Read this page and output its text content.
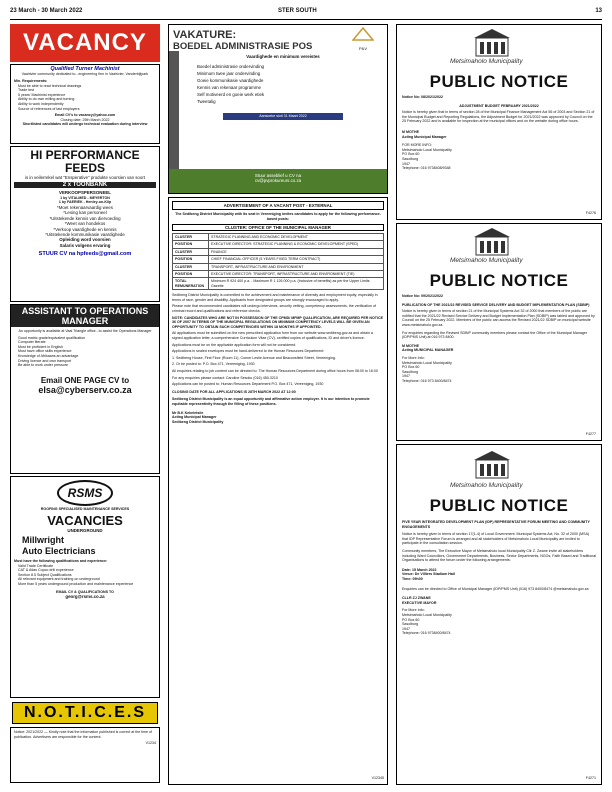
23 March - 30 March 2022	STER SOUTH	13
VACANCY
Qualified Turner Machinist
Vaalrivier community dedicated to...engineering firm in Vaalrivier, Vanderbijlpark
Min. Requirements:
Must be able to read technical drawings
Trade test
5 years' Machinist experience
Ability to do own milling and turning
Ability to work independently
Source of references of last employers
Email CV's to vacancy@yahoo.com
Closing date: 25th March 2022
Shortlisted candidates will undergo technical evaluation during interview
HI PERFORMANCE FEEDS
is in veilerrekel wat "Ensperative" produkte voorsien van soort
2 x TOONBANK
VERKOOPSPERSONEEL
1 by VITALMED - MEYERTON
1 by FAERIEK - Henley-on-Klip
*Moet rekenaarvaardig wees
*Lesing kan personeel
*Uitstekende kennis van diervoeding
*Weet van hondekos
*Verkoop vaardighede en kennis
*Uitstekende kommunikasie vaardighede
Opleiding word voorsien
Salaris volgens ervaring
STUUR CV na hpfeeds@gmail.com
ASSISTANT TO OPERATIONS MANAGER
An opportunity is available at Vaal Triangle office...to assist the Operations Manager
Good matric grade/equivalent qualification
Computer literate
Must be proficient in English
Must have office skills experience
Knowledge of Afrikaans an advantage
Driving licence and own transport
Be able to work under pressure
Email ONE PAGE CV to
elsa@cyberserv.co.za
RSMS
ROOFING SPECIALISED MAINTENANCE SERVICES
VACANCIES
UNDERGROUND
Millwright
Auto Electricians
Must have the following qualifications and experience:
Valid Trade Certificate
CAT & Atlas Copco drill experience
Section 8.5 Subject Qualifications
All relevant equipment and training on underground
More than 5 years underground production and maintenance experience
EMAIL CV & QUALIFICATIONS TO
georg@rsms.co.za
N.O.T.I.C.E.S
Notice: 2021/2022 — Kindly note that the information published is correct at the time of publication. Advertisers are responsible for the content.
V1234
VAKATURE:
BOEDEL ADMINISTRASIE POS	P&V
Vaardighede en minimum vereistes
Boedel administrasie ondervinding
Minimum twee jaar ondervinding
Goeie kommunikasie vaardighede
Kennis van rekenaar programme
Self motiveerd en goeie werk etiek
Tweetalig
Aansoeke sluit 31 Maart 2022
Stuur asseblief u CV na
cv@pvprokureurs.co.za
ADVERTISEMENT OF A VACANT POST - EXTERNAL
The Sedibeng District Municipality with its seat in Vereeniging invites candidates to apply for the following performance-based posts:
CLUSTER: OFFICE OF THE MUNICIPAL MANAGER
CLUSTER	STRATEGIC PLANNING AND ECONOMIC DEVELOPMENT
POSITION	EXECUTIVE DIRECTOR: STRATEGIC PLANNING & ECONOMIC DEVELOPMENT (SPED)
CLUSTER	FINANCE
POSITION	CHIEF FINANCIAL OFFICER (5 YEARS FIXED TERM CONTRACT)
CLUSTER	TRANSPORT, INFRASTRUCTURE AND ENVIRONMENT
POSITION	EXECUTIVE DIRECTOR: TRANSPORT, INFRASTRUCTURE AND ENVIRONMENT (TIE)
TOTAL REMUNERATION	Minimum R 924 400 p.a. - Maximum R 1 126 000 p.a. (Inclusive of benefits) as per the Upper Limits Gazette
Sedibeng District Municipality is committed to the achievement and maintenance of diversity and employment equity, especially in terms of race, gender and disability. Applicants from designated groups are strongly encouraged to apply.
Please note that recommended candidates will undergo interviews, security vetting, competency assessments, the verification of criminal record and qualifications and reference checks.
NOTE: CANDIDATES WHO ARE NOT IN POSSESSION OF THE CPMD/ MFMP QUALIFICATION, ARE REQUIRED PER NOTICE 36 OF 2007 IN TERMS OF THE MUNICIPAL REGULATIONS ON MINIMUM COMPETENCY LEVELS WILL BE GIVEN AN OPPORTUNITY TO OBTAIN SUCH COMPETENCIES WITHIN 18 MONTHS IF APPOINTED.
All applications must be submitted on the new prescribed application form from our website www.sedibeng.gov.za and obtain a signed application letter, a comprehensive Curriculum Vitae (CV), certified copies of qualifications, ID and driver's licence.
Applications must be on the applicable application form will not be considered.
Applications in sealed envelopes must be hand-delivered to the Human Resources Department:
1. Sedibeng House, First Floor (Room 11), Corner Leslie Avenue and Beaconsfield Street, Vereeniging.
2. Or be posted to: P.O. Box 471, Vereeniging, 1930
All enquiries relating to job content can be directed to: The Human Resources Department during office hours from 08:00 to 16:00
For any enquiries please contact: Caroline Sesoko (016) 450-3210
Applications can be posted to: Human Resources Department P.O. Box 471, Vereeniging, 1930
CLOSING DATE FOR ALL APPLICATIONS IS 28TH MARCH 2022 AT 12:00
Sedibeng District Municipality is an equal opportunity and affirmative action employer. It is our intention to promote equitable representivity through the filling of these positions.
Mr B.K Kekeletsile
Acting Municipal Manager
Sedibeng District Municipality
V12345
Metsimaholo Municipality
PUBLIC NOTICE
Notice No: 08/2021/2022
ADJUSTMENT BUDGET FEBRUARY 2021/2022
Notice is hereby given that in terms of section 28 of the Municipal Finance Management Act 56 of 2003 and Section 21 of the Municipal Budget and Reporting Regulations, the Adjustment Budget for 2021/2022 was approved by Council on the 25 February 2022 and is available for inspection at the municipal offices and on the website during office hours.
M MOTHE
Acting Municipal Manager
FOR MORE INFO:
Metsimaholo Local Municipality
PO Box 60
Sasolburg
1947
Telephone: 016 9738408/9348
F4276
Metsimaholo Municipality
PUBLIC NOTICE
Notice No: 09/2021/2022
PUBLICATION OF THE 2021/22 REVISED SERVICE DELIVERY AND BUDGET IMPLEMENTATION PLAN (SDBIP)
Notice is hereby given in terms of section 21 of the Municipal Systems Act 32 of 2000 that members of the public are notified that the 2021/22 Revised Service Delivery and Budget Implementation Plan (SDBIP) was tabled and approved by Council on the 25 February 2022. Members of the public can access the Revised 2021/22 SDBIP on municipal website www.metsimaholo.gov.za.
For enquiries regarding the Revised SDBIP community members please contact the Office of the Municipal Manager (IDP/PMS Unit) at 016 973 8400.
M MOTHE
Acting MUNICIPAL MANAGER
For More Info:
Metsimaholo Local Municipality
PO Box 60
Sasolburg
1947
Telephone: 016 973 8400/8474
F4277
Metsimaholo Municipality
PUBLIC NOTICE
FIVE YEAR INTEGRATED DEVELOPMENT PLAN (IDP) REPRESENTATIVE FORUM MEETING AND COMMUNITY ENGAGEMENTS
Notice is hereby given in terms of section 17(1-4) of Local Government: Municipal Systems Act, No. 32 of 2000 (MSA) that IDP Representative Forum is arranged and all stakeholders of Metsimaholo Local Municipality are invited to participate in the consultation session.
Community members, The Executive Mayor of Metsimaholo local Municipality Cllr Z. Zwane invite all stakeholders including Ward Councillors, Government Departments, Business, Sector Departments, NGOs, Faith Based and Traditional Organisations to attend the forum under the following arrangements:
Date: 15 March 2022
Venue: De Villiers Stadium Hall
Time: 09h00
Enquiries can be directed to Office of Municipal Manager (IDP/PMS Unit) (016) 973 8400/8474 @metsimaholo.gov.za
CLLR ZJ ZWANE
EXECUTIVE MAYOR
For More Info:
Metsimaholo Local Municipality
PO Box 60
Sasolburg
1947
Telephone: 016 9738400/8474
F4271
